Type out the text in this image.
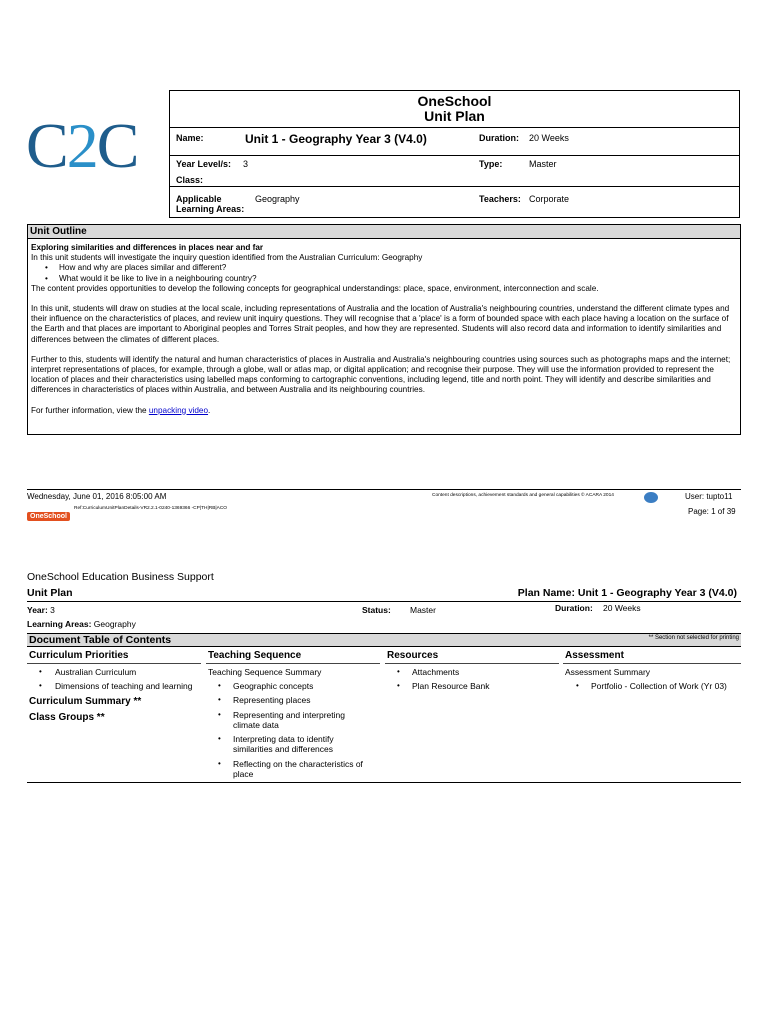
C2C
OneSchool
Unit Plan
Name:	Unit 1 - Geography Year 3 (V4.0)	Duration: 20 Weeks
Year Level/s: 3	Type:	Master
Class:
Applicable
Learning Areas:
Geography	Teachers: Corporate
Unit Outline
Exploring similarities and differences in places near and far
In this unit students will investigate the inquiry question identified from the Australian Curriculum: Geography
• How and why are places similar and different?
• What would it be like to live in a neighbouring country?

The content provides opportunities to develop the following concepts for geographical understandings: place, space, environment, interconnection and scale.

In this unit, students will draw on studies at the local scale, including representations of Australia and the location of Australia's neighbouring countries, understand the different climate types and their influence on the characteristics of places, and review unit inquiry questions. They will recognise that a 'place' is a form of bounded space with each place having a location on the surface of the Earth and that places are important to Aboriginal peoples and Torres Strait peoples, and how they are represented. Students will also record data and information to identify similarities and differences between the climates of different places.

Further to this, students will identify the natural and human characteristics of places in Australia and Australia's neighbouring countries using sources such as photographs maps and the internet; interpret representations of places, for example, through a globe, wall or atlas map, or digital application; and recognise their purpose. They will use the information provided to represent the location of places and their characteristics using labelled maps conforming to cartographic conventions, including legend, title and north point. They will identify and describe similarities and differences in characteristics of places within Australia, and between Australia and its neighbouring countries.

For further information, view the unpacking video.
Wednesday, June 01, 2016 8:05:00 AM
OneSchool
Ref:CurriculumUnitPlanDetails-VR2.2.1-0240-1369366 -CP|TH|RB|ACO
Content descriptions, achievement standards and general capabilities © ACARA 2014	User: tupto11
Page: 1 of 39
OneSchool Education Business Support
Unit Plan	Plan Name: Unit 1 - Geography Year 3 (V4.0)
Year: 3	Status: Master	Duration: 20 Weeks
Learning Areas: Geography
Document Table of Contents	** Section not selected for printing
Curriculum Priorities
• Australian Curriculum
• Dimensions of teaching and learning
Curriculum Summary **
Class Groups **
Teaching Sequence
Teaching Sequence Summary
• Geographic concepts
• Representing places
• Representing and interpreting climate data
• Interpreting data to identify similarities and differences
• Reflecting on the characteristics of place
Resources
• Attachments
• Plan Resource Bank
Assessment
Assessment Summary
• Portfolio - Collection of Work (Yr 03)
